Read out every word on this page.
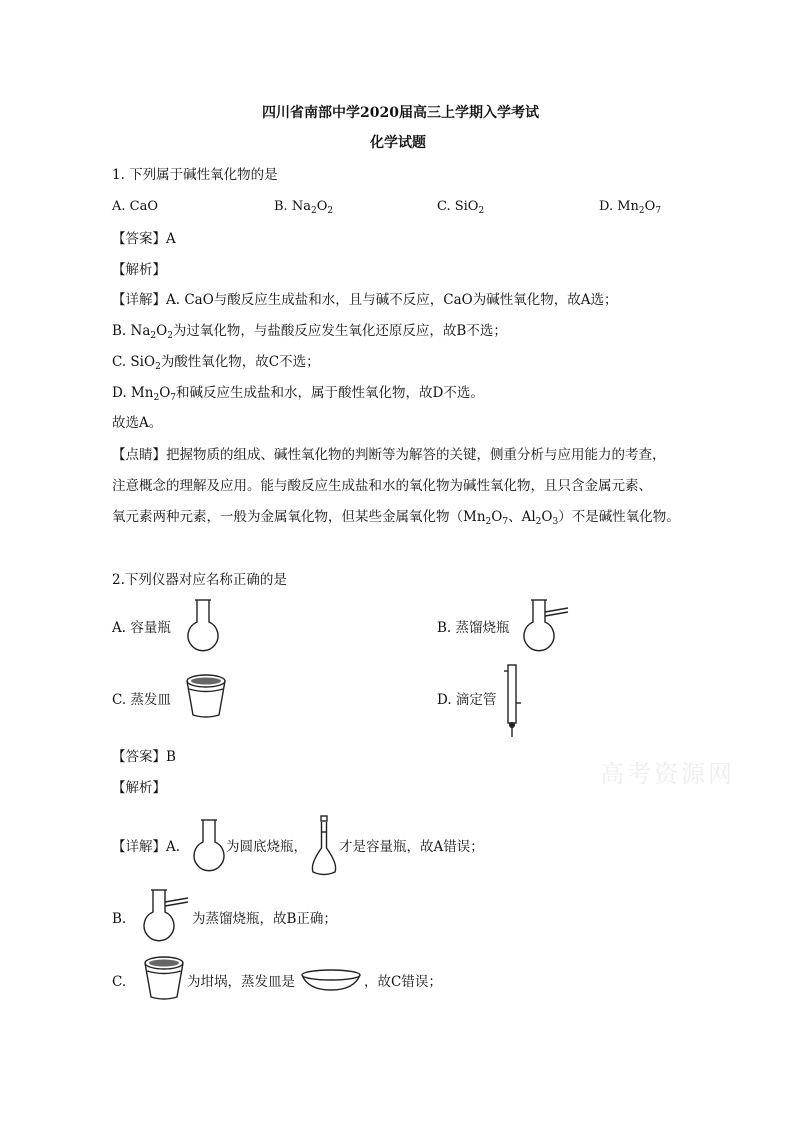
四川省南部中学2020届高三上学期入学考试
化学试题
1. 下列属于碱性氧化物的是
A. CaO	B. $Na_2O_2$	C. SiO$_2$	D. $Mn_2O_7$
【答案】A
【解析】
【详解】A. CaO与酸反应生成盐和水，且与碱不反应，CaO为碱性氧化物，故A选；
B. $Na_2O_2$为过氧化物，与盐酸反应发生氧化还原反应，故B不选；
C. SiO$_2$为酸性氧化物，故C不选；
D. $Mn_2O_7$和碱反应生成盐和水，属于酸性氧化物，故D不选。
故选A。
【点睛】把握物质的组成、碱性氧化物的判断等为解答的关键，侧重分析与应用能力的考查，
注意概念的理解及应用。能与酸反应生成盐和水的氧化物为碱性氧化物，且只含金属元素、
氧元素两种元素，一般为金属氧化物，但某些金属氧化物（$Mn_2O_7$、$Al_2O_3$）不是碱性氧化物。
2.下列仪器对应名称正确的是
A. 容量瓶	B. 蒸馏烧瓶
C. 蒸发皿	D. 滴定管
【答案】B
【解析】
【详解】A.	为圆底烧瓶， 才是容量瓶，故A错误；
B.	为蒸馏烧瓶，故B正确；
C.	为坩埚，蒸发皿是	，故C错误；
高考资源网
